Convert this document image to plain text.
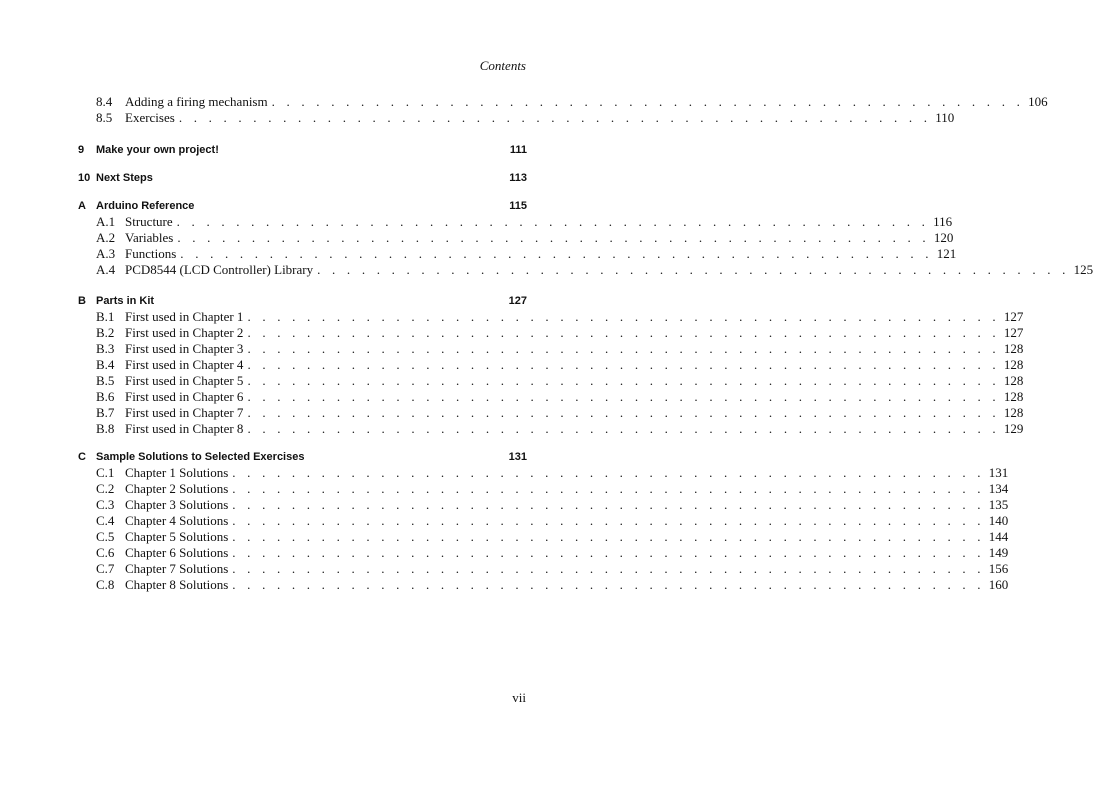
Contents
8.4 Adding a firing mechanism . . . . . . . . . . . . . . . . . . . . . . . . . . . . . . . . . . . . . . . . . . . . . . . . . . . 106
8.5 Exercises . . . . . . . . . . . . . . . . . . . . . . . . . . . . . . . . . . . . . . . . . . . . . . . . . . . 110
9 Make your own project!	111
10 Next Steps	113
A Arduino Reference	115
A.1 Structure . . . . . . . . . . . . . . . . . . . . . . . . . . . . . . . . . . . . . . . . . . . . . . . . . . . 116
A.2 Variables . . . . . . . . . . . . . . . . . . . . . . . . . . . . . . . . . . . . . . . . . . . . . . . . . . . 120
A.3 Functions . . . . . . . . . . . . . . . . . . . . . . . . . . . . . . . . . . . . . . . . . . . . . . . . . . . 121
A.4 PCD8544 (LCD Controller) Library . . . . . . . . . . . . . . . . . . . . . . . . . . . . . . . . . . . . . . . . . . . . . . . . . . . 125
B Parts in Kit	127
B.1 First used in Chapter 1 . . . . . . . . . . . . . . . . . . . . . . . . . . . . . . . . . . . . . . . . . . . . . . . . . . . 127
B.2 First used in Chapter 2 . . . . . . . . . . . . . . . . . . . . . . . . . . . . . . . . . . . . . . . . . . . . . . . . . . . 127
B.3 First used in Chapter 3 . . . . . . . . . . . . . . . . . . . . . . . . . . . . . . . . . . . . . . . . . . . . . . . . . . . 128
B.4 First used in Chapter 4 . . . . . . . . . . . . . . . . . . . . . . . . . . . . . . . . . . . . . . . . . . . . . . . . . . . 128
B.5 First used in Chapter 5 . . . . . . . . . . . . . . . . . . . . . . . . . . . . . . . . . . . . . . . . . . . . . . . . . . . 128
B.6 First used in Chapter 6 . . . . . . . . . . . . . . . . . . . . . . . . . . . . . . . . . . . . . . . . . . . . . . . . . . . 128
B.7 First used in Chapter 7 . . . . . . . . . . . . . . . . . . . . . . . . . . . . . . . . . . . . . . . . . . . . . . . . . . . 128
B.8 First used in Chapter 8 . . . . . . . . . . . . . . . . . . . . . . . . . . . . . . . . . . . . . . . . . . . . . . . . . . . 129
C Sample Solutions to Selected Exercises	131
C.1 Chapter 1 Solutions . . . . . . . . . . . . . . . . . . . . . . . . . . . . . . . . . . . . . . . . . . . . . . . . . . . 131
C.2 Chapter 2 Solutions . . . . . . . . . . . . . . . . . . . . . . . . . . . . . . . . . . . . . . . . . . . . . . . . . . . 134
C.3 Chapter 3 Solutions . . . . . . . . . . . . . . . . . . . . . . . . . . . . . . . . . . . . . . . . . . . . . . . . . . . 135
C.4 Chapter 4 Solutions . . . . . . . . . . . . . . . . . . . . . . . . . . . . . . . . . . . . . . . . . . . . . . . . . . . 140
C.5 Chapter 5 Solutions . . . . . . . . . . . . . . . . . . . . . . . . . . . . . . . . . . . . . . . . . . . . . . . . . . . 144
C.6 Chapter 6 Solutions . . . . . . . . . . . . . . . . . . . . . . . . . . . . . . . . . . . . . . . . . . . . . . . . . . . 149
C.7 Chapter 7 Solutions . . . . . . . . . . . . . . . . . . . . . . . . . . . . . . . . . . . . . . . . . . . . . . . . . . . 156
C.8 Chapter 8 Solutions . . . . . . . . . . . . . . . . . . . . . . . . . . . . . . . . . . . . . . . . . . . . . . . . . . . 160
vii
